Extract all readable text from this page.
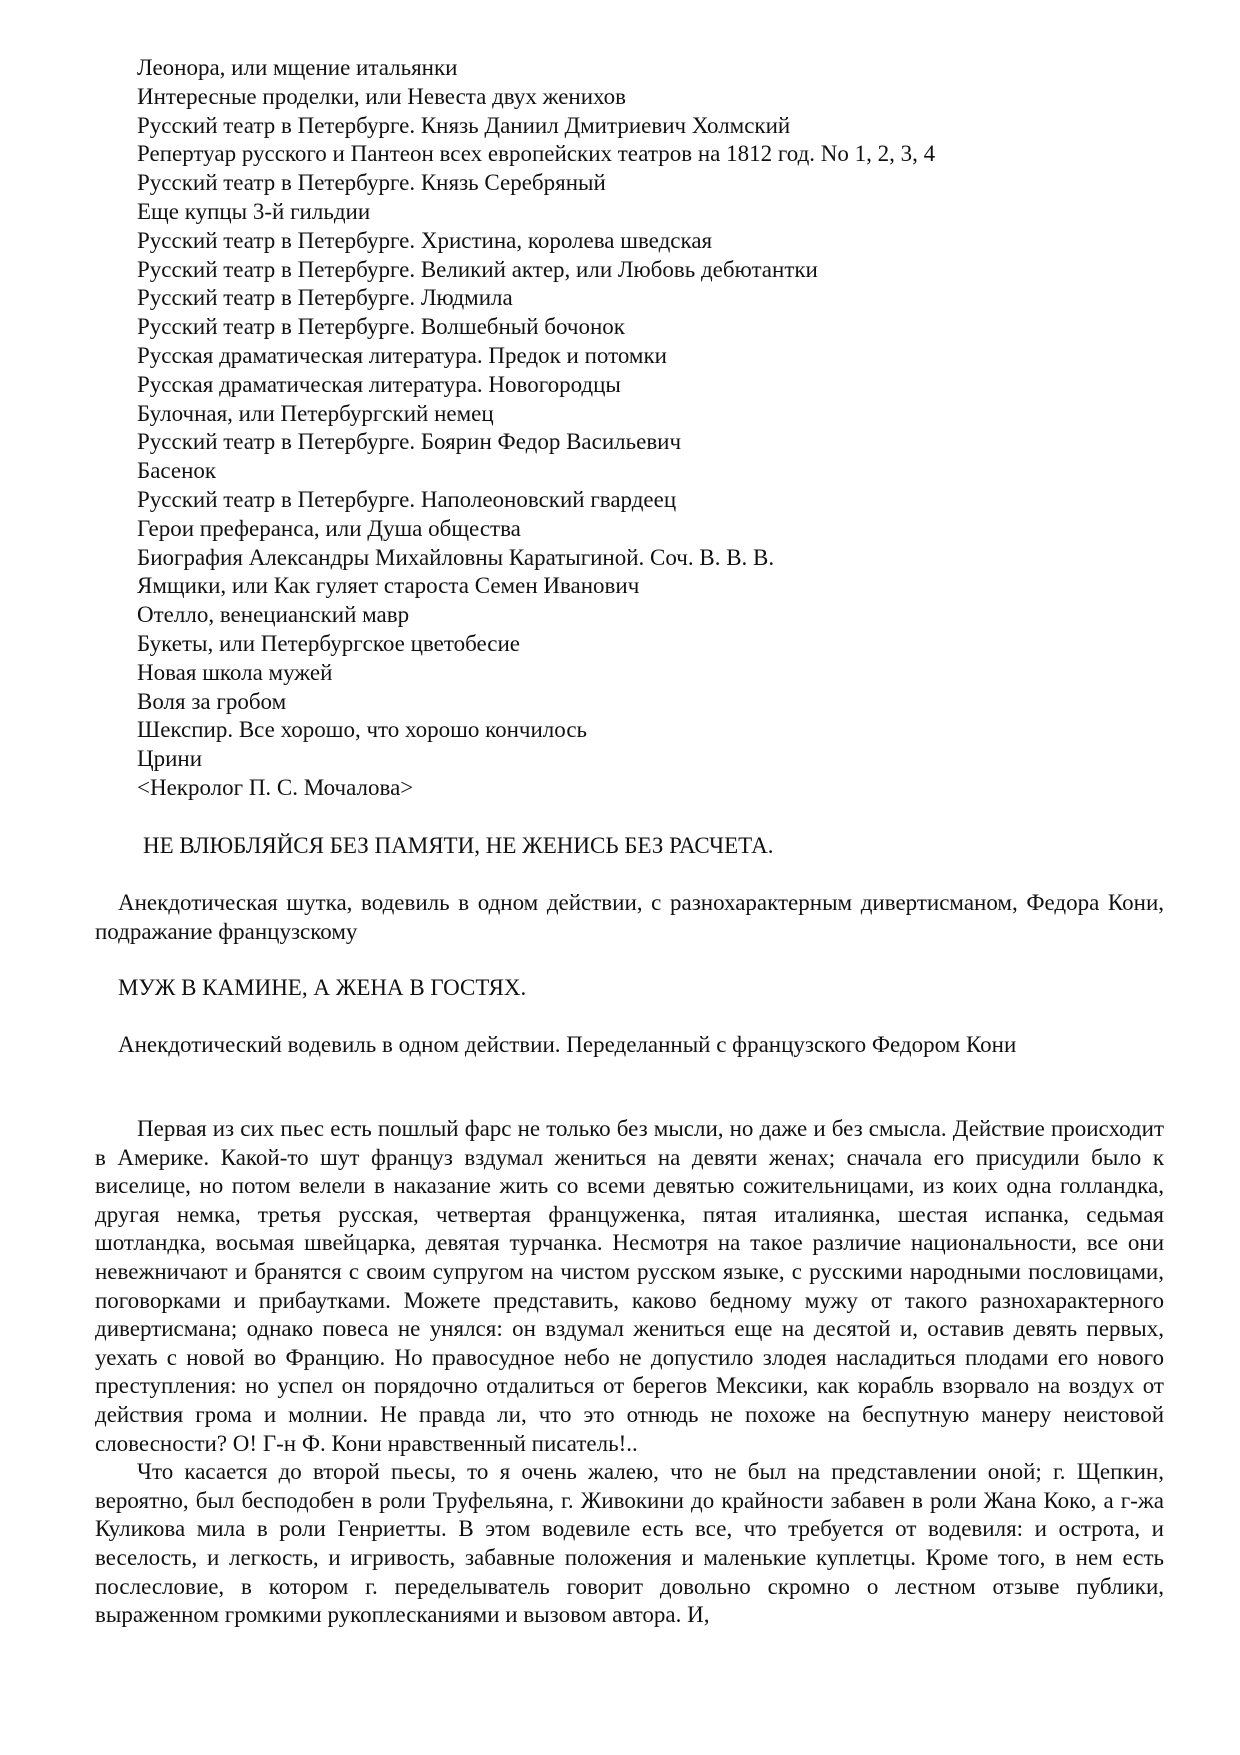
Леонора, или мщение итальянки
Интересные проделки, или Невеста двух женихов
Русский театр в Петербурге. Князь Даниил Дмитриевич Холмский
Репертуар русского и Пантеон всех европейских театров на 1812 год. No 1, 2, 3, 4
Русский театр в Петербурге. Князь Серебряный
Еще купцы 3-й гильдии
Русский театр в Петербурге. Христина, королева шведская
Русский театр в Петербурге. Великий актер, или Любовь дебютантки
Русский театр в Петербурге. Людмила
Русский театр в Петербурге. Волшебный бочонок
Русская драматическая литература. Предок и потомки
Русская драматическая литература. Новогородцы
Булочная, или Петербургский немец
Русский театр в Петербурге. Боярин Федор Васильевич
Басенок
Русский театр в Петербурге. Наполеоновский гвардеец
Герои преферанса, или Душа общества
Биография Александры Михайловны Каратыгиной. Соч. В. В. В.
Ямщики, или Как гуляет староста Семен Иванович
Отелло, венецианский мавр
Букеты, или Петербургское цветобесие
Новая школа мужей
Воля за гробом
Шекспир. Все хорошо, что хорошо кончилось
Црини
<Некролог П. С. Мочалова>
НЕ ВЛЮБЛЯЙСЯ БЕЗ ПАМЯТИ, НЕ ЖЕНИСЬ БЕЗ РАСЧЕТА.

Анекдотическая шутка, водевиль в одном действии, с разнохарактерным дивертисманом, Федора Кони, подражание французскому

МУЖ В КАМИНЕ, А ЖЕНА В ГОСТЯХ.

Анекдотический водевиль в одном действии. Переделанный с французского Федором Кони

Первая из сих пьес есть пошлый фарс не только без мысли, но даже и без смысла. Действие происходит в Америке. Какой-то шут француз вздумал жениться на девяти женах; сначала его присудили было к виселице, но потом велели в наказание жить со всеми девятью сожительницами, из коих одна голландка, другая немка, третья русская, четвертая француженка, пятая италиянка, шестая испанка, седьмая шотландка, восьмая швейцарка, девятая турчанка. Несмотря на такое различие национальности, все они невежничают и бранятся с своим супругом на чистом русском языке, с русскими народными пословицами, поговорками и прибаутками. Можете представить, каково бедному мужу от такого разнохарактерного дивертисмана; однако повеса не унялся: он вздумал жениться еще на десятой и, оставив девять первых, уехать с новой во Францию. Но правосудное небо не допустило злодея насладиться плодами его нового преступления: но успел он порядочно отдалиться от берегов Мексики, как корабль взорвало на воздух от действия грома и молнии. Не правда ли, что это отнюдь не похоже на беспутную манеру неистовой словесности? О! Г-н Ф. Кони нравственный писатель!..

Что касается до второй пьесы, то я очень жалею, что не был на представлении оной; г. Щепкин, вероятно, был бесподобен в роли Труфельяна, г. Живокини до крайности забавен в роли Жана Коко, а г-жа Куликова мила в роли Генриетты. В этом водевиле есть все, что требуется от водевиля: и острота, и веселость, и легкость, и игривость, забавные положения и маленькие куплетцы. Кроме того, в нем есть послесловие, в котором г. переделыватель говорит довольно скромно о лестном отзыве публики, выраженном громкими рукоплесканиями и вызовом автора. И,
